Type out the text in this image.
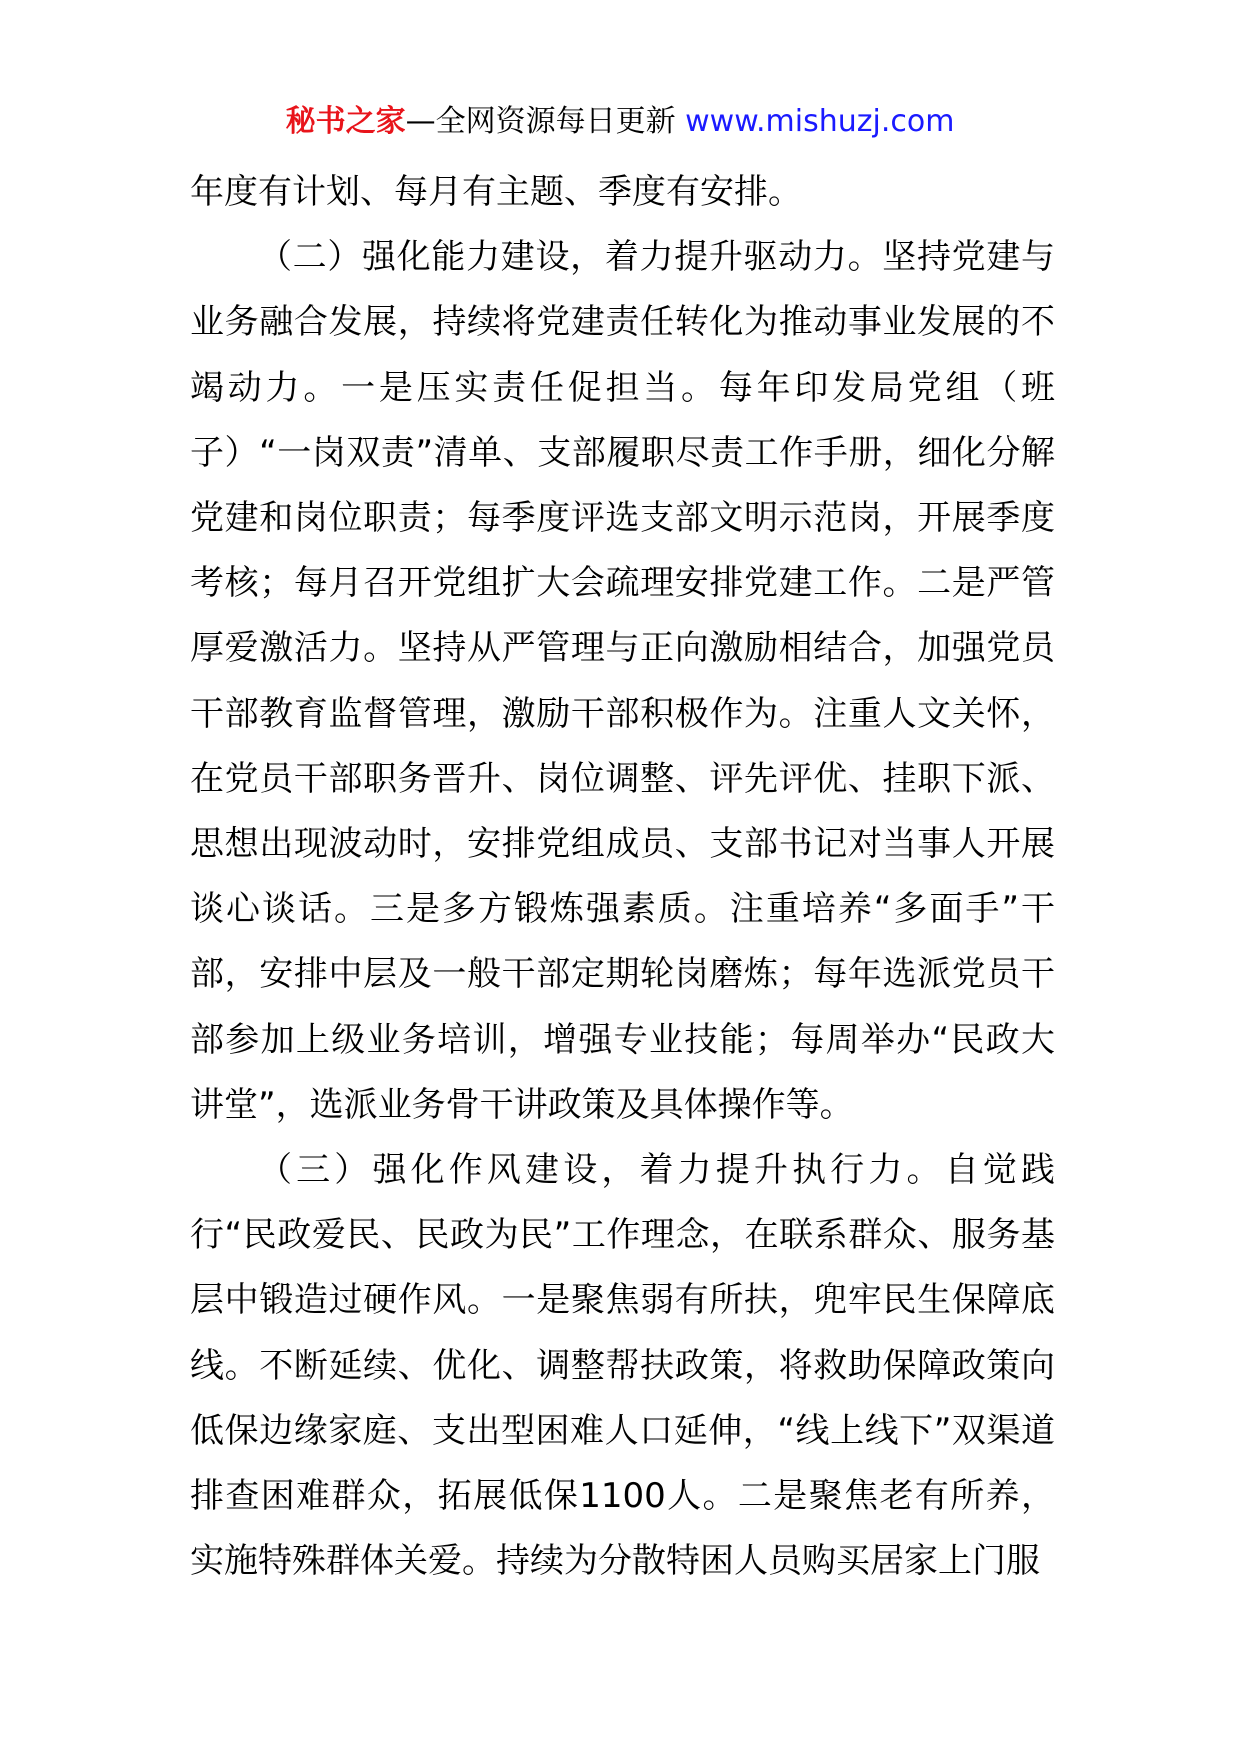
秘书之家—全网资源每日更新 www.mishuzj.com

年度有计划、每月有主题、季度有安排。

（二）强化能力建设，着力提升驱动力。坚持党建与业务融合发展，持续将党建责任转化为推动事业发展的不竭动力。一是压实责任促担当。每年印发局党组（班子）“一岗双责”清单、支部履职尽责工作手册，细化分解党建和岗位职责；每季度评选支部文明示范岗，开展季度考核；每月召开党组扩大会疏理安排党建工作。二是严管厚爱激活力。坚持从严管理与正向激励相结合，加强党员干部教育监督管理，激励干部积极作为。注重人文关怀，在党员干部职务晋升、岗位调整、评先评优、挂职下派、思想出现波动时，安排党组成员、支部书记对当事人开展谈心谈话。三是多方锻炼强素质。注重培养“多面手”干部，安排中层及一般干部定期轮岗磨炼；每年选派党员干部参加上级业务培训，增强专业技能；每周举办“民政大讲堂”，选派业务骨干讲政策及具体操作等。

（三）强化作风建设，着力提升执行力。自觉践行“民政爱民、民政为民”工作理念，在联系群众、服务基层中锻造过硬作风。一是聚焦弱有所扶，兜牢民生保障底线。不断延续、优化、调整帮扶政策，将救助保障政策向低保边缘家庭、支出型困难人口延伸，“线上线下”双渠道排查困难群众，拓展低保1100人。二是聚焦老有所养，实施特殊群体关爱。持续为分散特困人员购买居家上门服
